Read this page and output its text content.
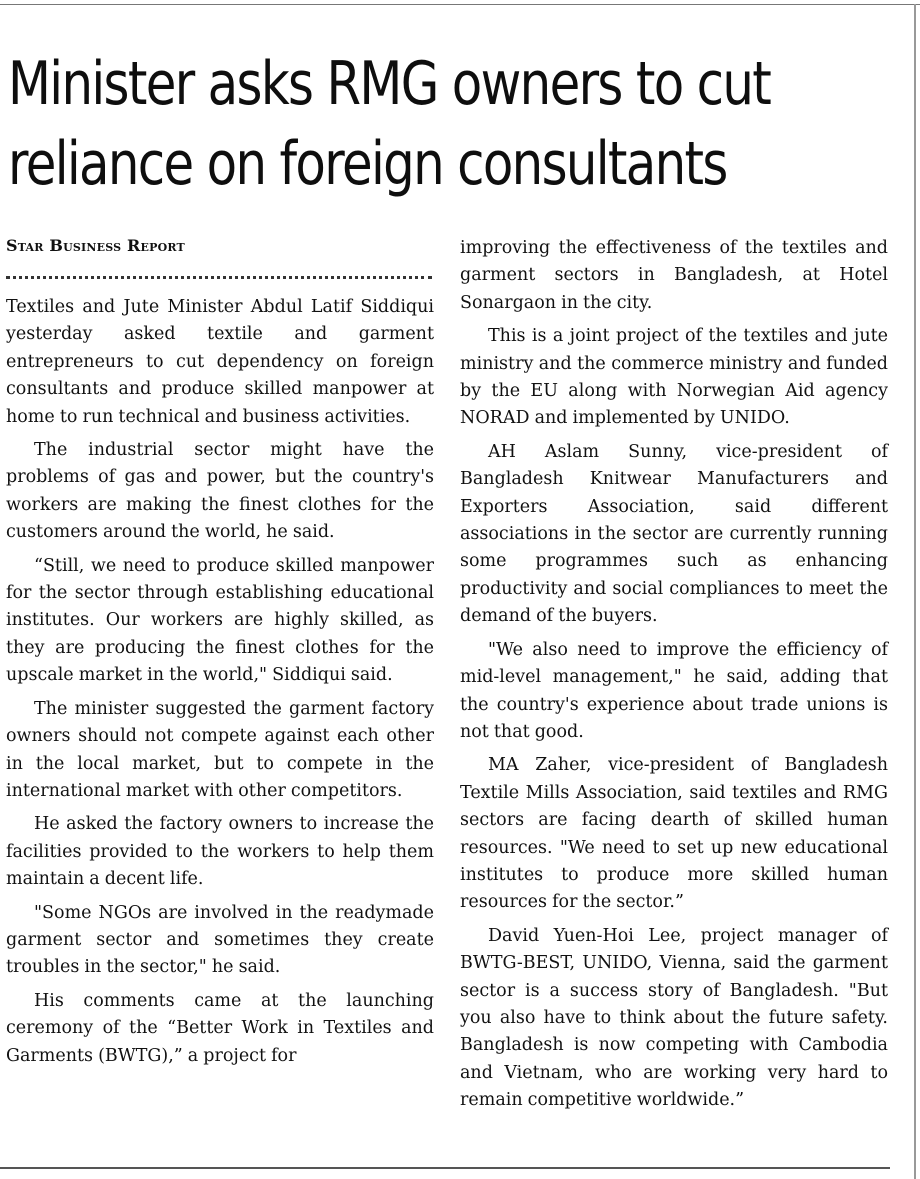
Minister asks RMG owners to cut
reliance on foreign consultants
Star Business Report

Textiles and Jute Minister Abdul Latif Siddiqui yesterday asked textile and garment entrepreneurs to cut dependency on foreign consultants and produce skilled manpower at home to run technical and business activities.

The industrial sector might have the problems of gas and power, but the country's workers are making the finest clothes for the customers around the world, he said.

“Still, we need to produce skilled manpower for the sector through establishing educational institutes. Our workers are highly skilled, as they are producing the finest clothes for the upscale market in the world," Siddiqui said.

The minister suggested the garment factory owners should not compete against each other in the local market, but to compete in the international market with other competitors.

He asked the factory owners to increase the facilities provided to the workers to help them maintain a decent life.

"Some NGOs are involved in the readymade garment sector and sometimes they create troubles in the sector," he said.

His comments came at the launching ceremony of the “Better Work in Textiles and Garments (BWTG),” a project for

improving the effectiveness of the textiles and garment sectors in Bangladesh, at Hotel Sonargaon in the city.

This is a joint project of the textiles and jute ministry and the commerce ministry and funded by the EU along with Norwegian Aid agency NORAD and implemented by UNIDO.

AH Aslam Sunny, vice-president of Bangladesh Knitwear Manufacturers and Exporters Association, said different associations in the sector are currently running some programmes such as enhancing productivity and social compliances to meet the demand of the buyers.

"We also need to improve the efficiency of mid-level management," he said, adding that the country's experience about trade unions is not that good.

MA Zaher, vice-president of Bangladesh Textile Mills Association, said textiles and RMG sectors are facing dearth of skilled human resources. "We need to set up new educational institutes to produce more skilled human resources for the sector.”

David Yuen-Hoi Lee, project manager of BWTG-BEST, UNIDO, Vienna, said the garment sector is a success story of Bangladesh. "But you also have to think about the future safety. Bangladesh is now competing with Cambodia and Vietnam, who are working very hard to remain competitive worldwide.”
